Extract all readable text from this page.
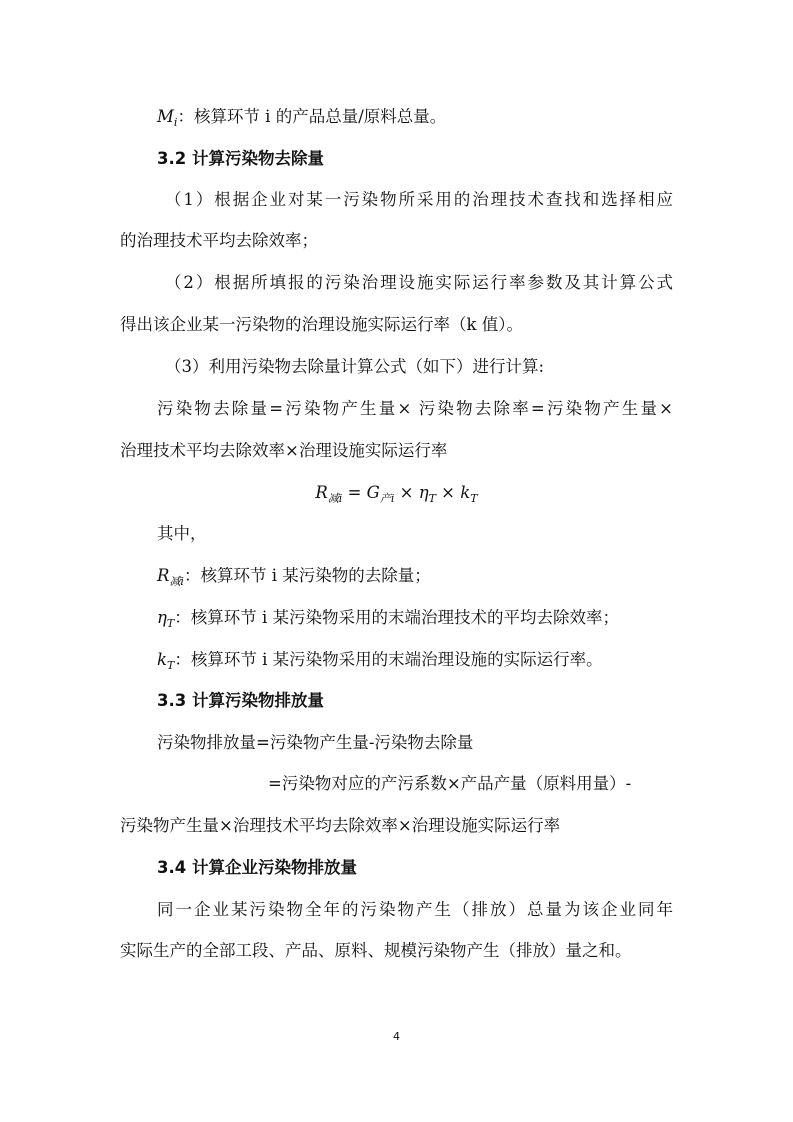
$M_i$：核算环节 i 的产品总量/原料总量。
3.2 计算污染物去除量
（1）根据企业对某一污染物所采用的治理技术查找和选择相应
的治理技术平均去除效率；
（2）根据所填报的污染治理设施实际运行率参数及其计算公式
得出该企业某一污染物的治理设施实际运行率（k 值）。
（3）利用污染物去除量计算公式（如下）进行计算:
污染物去除量=污染物产生量× 污染物去除率=污染物产生量×
治理技术平均去除效率×治理设施实际运行率
$R_{减i} = G_{产i} \times \eta_T \times k_T$
其中，
$R_{减i}$：核算环节 i 某污染物的去除量；
$\eta_T$：核算环节 i 某污染物采用的末端治理技术的平均去除效率；
$k_T$：核算环节 i 某污染物采用的末端治理设施的实际运行率。
3.3 计算污染物排放量
污染物排放量=污染物产生量-污染物去除量
=污染物对应的产污系数×产品产量（原料用量）-
污染物产生量×治理技术平均去除效率×治理设施实际运行率
3.4 计算企业污染物排放量
同一企业某污染物全年的污染物产生（排放）总量为该企业同年
实际生产的全部工段、产品、原料、规模污染物产生（排放）量之和。
4
